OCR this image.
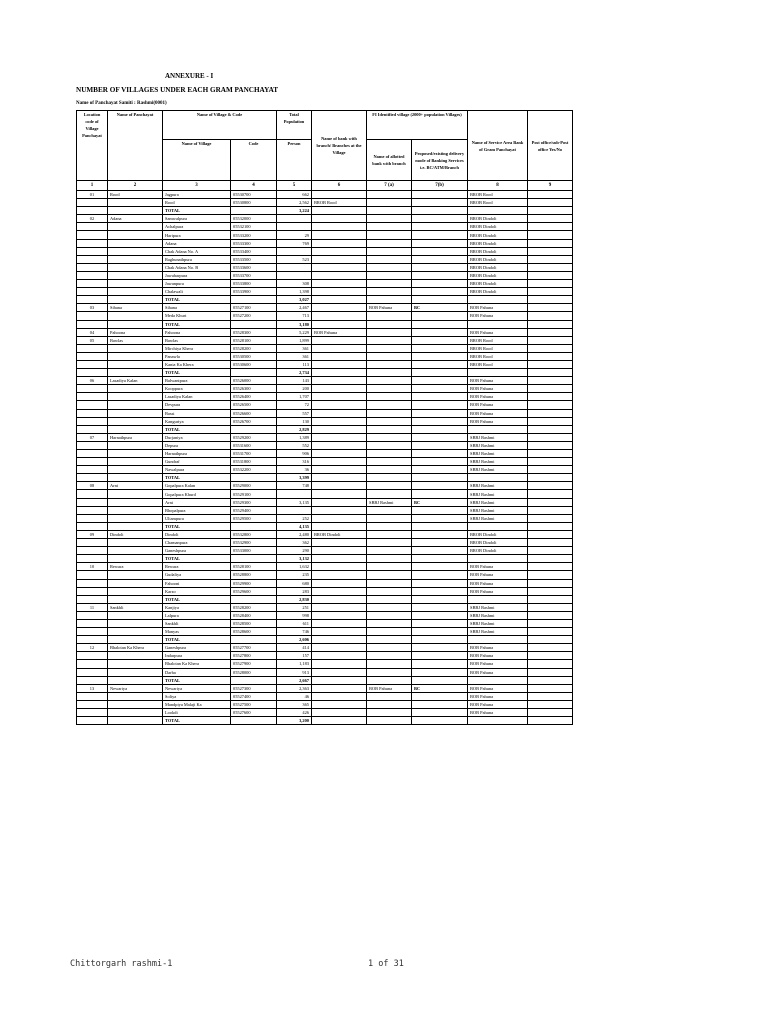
ANNEXURE - I
NUMBER OF VILLAGES UNDER EACH GRAM PANCHAYAT
Name of Panchayat Samiti : Rashmi(0001)
Location code of Village Panchayat	Name of Panchayat	Name of Village & Code		Total Population	Name of bank with branch/ Branches at the Village	FI Identified village (2000+ population Villages)		Name of Service Area Bank of Gram Panchayat	Post office/sub-Post office Yes/No
		Name of Village	Code	Person		Name of allotted bank with branch	Proposed/existing delivery mode of Banking Services i.e. BC/ATM/Branch		
1	2	3	4	5	6	7 (a)	7(b)	8	9
01	Rood	Jagpura	05530700	662				BROB Rood	
		Rood	05530800	2,562	BROB Rood			BROB Rood	
		TOTAL		3,224					
02	Adana	Samwalpura	05532000					BROB Dindoli	
		Achalpura	05532100					BROB Dindoli	
		Haripura	05533200	29				BROB Dindoli	
		Adana	05533300	769				BROB Dindoli	
		Chak Adana No. A	05533400					BROB Dindoli	
		Raghunathpura	05533500	523				BROB Dindoli	
		Chak Adana No. B	05533600					BROB Dindoli	
		Jawaharpura	05533700					BROB Dindoli	
		Jawanpura	05533800	308				BROB Dindoli	
		Chalawali	05533900	1,398				BROB Dindoli	
		TOTAL		3,027					
03	Sihana	Sihana	05527100	2,467		BOB Pahuna	BC	BOB Pahuna	
		Meda Khurt	05527200	713				BOB Pahuna	
		TOTAL		3,180					
04	Pahoona	Pahoona	05528300	5,229	BOB Pahuna			BOB Pahuna	
05	Bawlas	Bawlas	05528100	1,899				BROB Rood	
		Mirchiya Khera	05528200	361				BROB Rood	
		Panawla	05530500	361				BROB Rood	
		Kania Ka Khera	05530600	113				BROB Rood	
		TOTAL		2,734					
06	Lasadiya Kalan	Balwantpura	05526000	143				BOB Pahuna	
		Kooppura	05526300	200				BOB Pahuna	
		Lasadiya Kalan	05526400	1,707				BOB Pahuna	
		Devpura	05526500	72				BOB Pahuna	
		Bassi	05526600	557				BOB Pahuna	
		Kanguriya	05526700	130				BOB Pahuna	
		TOTAL		2,829					
07	Harnathpura	Durjaniya	05529200	1,389				SBBJ Rashmi	
		Depura	05531600	552				SBBJ Rashmi	
		Harnathpura	05531700	906				SBBJ Rashmi	
		Gundraf	05531800	316				SBBJ Rashmi	
		Nawalpura	05532200	36				SBBJ Rashmi	
		TOTAL		3,399					
08	Arni	Gopalpura Kalan	05529000	748				SBBJ Rashmi	
		Gopalpura Khurd	05529100					SBBJ Rashmi	
		Arni	05529300	3,135		SBBJ Rashmi	BC	SBBJ Rashmi	
		Bhopalpura	05529400					SBBJ Rashmi	
		Uliampura	05529500	252				SBBJ Rashmi	
		TOTAL		4,135					
09	Dindoli	Dindoli	05532800	2,480	BROB Dindoli			BROB Dindoli	
		Chamanpura	05532900	362				BROB Dindoli	
		Ganeshpura	05533000	290				BROB Dindoli	
		TOTAL		3,132					
10	Rewara	Rewara	05528100	1,632				BOB Pahuna	
		Gudaliya	05528800	235				BOB Pahuna	
		Fahooni	05529900	680				BOB Pahuna	
		Karzo	05529600	283				BOB Pahuna	
		TOTAL		2,830					
11	Sankhli	Kanjiya	05528200	251				SBBJ Rashmi	
		Lalpura	05528400	998				SBBJ Rashmi	
		Sankhli	05528500	611				SBBJ Rashmi	
		Manyas	05528600	746				SBBJ Rashmi	
		TOTAL		2,606					
12	Bhalotan Ka Khera	Ganeshpura	05527700	414				BOB Pahuna	
		Indarpura	05527800	157				BOB Pahuna	
		Bhalotan Ka Khera	05527900	1,183				BOB Pahuna	
		Darba	05528000	913				BOB Pahuna	
		TOTAL		2,667					
13	Newariya	Newariya	05527300	2,363		BOB Pahuna	BC	BOB Pahuna	
		Soliya	05527400	46				BOB Pahuna	
		Mandpiya Malaji Ka	05527500	365				BOB Pahuna	
		Lookdi	05527600	426				BOB Pahuna	
		TOTAL		3,200					
Chittorgarh rashmi-1	1 of 31
